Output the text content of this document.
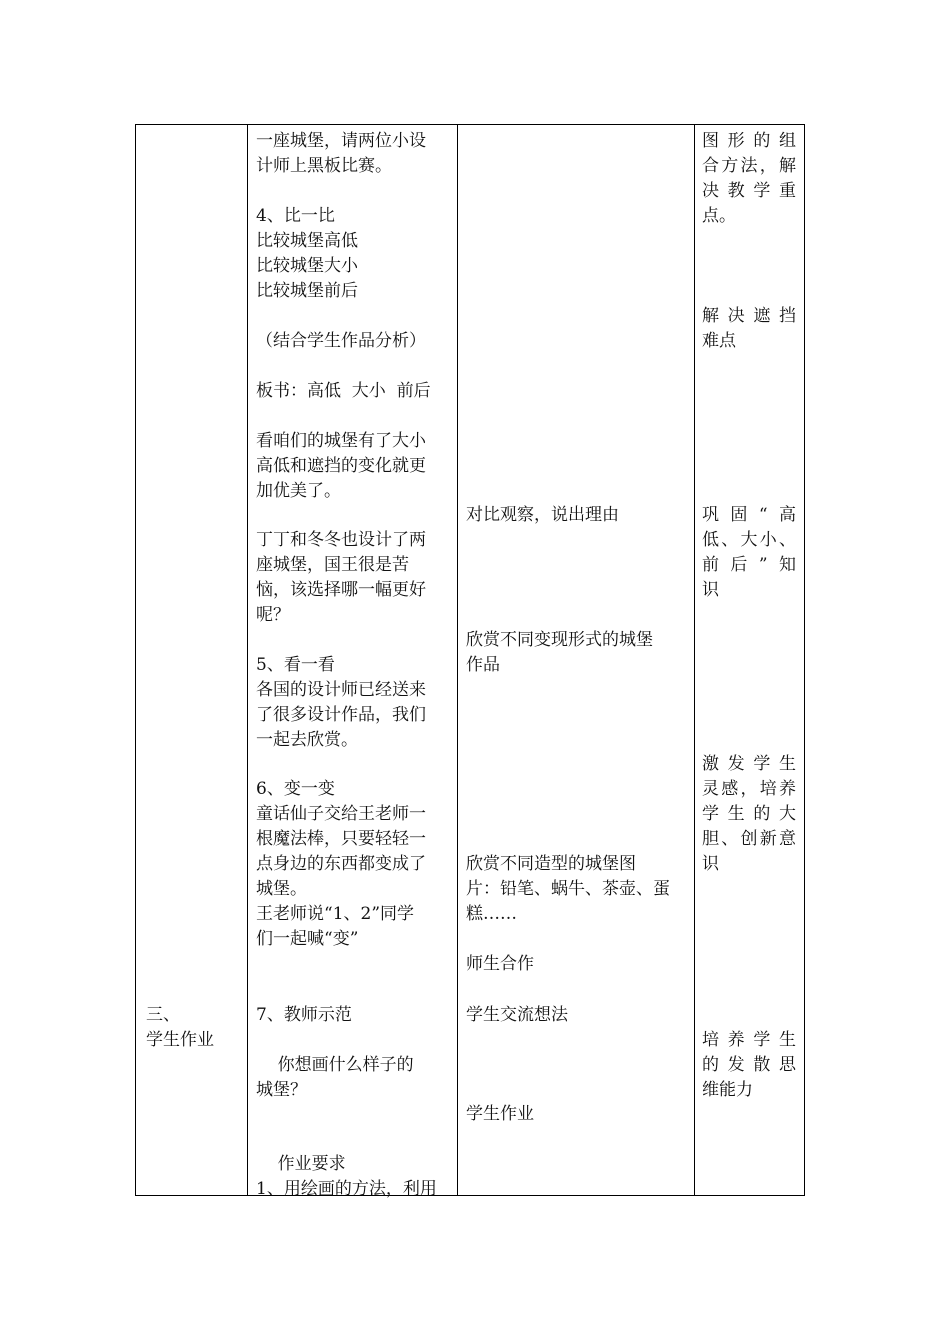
三、
学生作业
一座城堡，请两位小设
计师上黑板比赛。
4、比一比
比较城堡高低
比较城堡大小
比较城堡前后
（结合学生作品分析）
板书：高低  大小  前后
看咱们的城堡有了大小
高低和遮挡的变化就更
加优美了。
丁丁和冬冬也设计了两
座城堡，国王很是苦
恼，该选择哪一幅更好
呢？
5、看一看
各国的设计师已经送来
了很多设计作品，我们
一起去欣赏。
6、变一变
童话仙子交给王老师一
根魔法棒，只要轻轻一
点身边的东西都变成了
城堡。
王老师说“1、2”同学
们一起喊“变”
7、教师示范
你想画什么样子的
城堡？
作业要求
1、用绘画的方法，利用
对比观察，说出理由
欣赏不同变现形式的城堡
作品
欣赏不同造型的城堡图
片：铅笔、蜗牛、茶壶、蛋
糕……
师生合作
学生交流想法
学生作业
图形的组
合方法，解
决教学重
点。
解决遮挡
难点
巩固“高
低、大小、
前后”知
识
激发学生
灵感，培养
学生的大
胆、创新意
识
培养学生
的发散思
维能力
